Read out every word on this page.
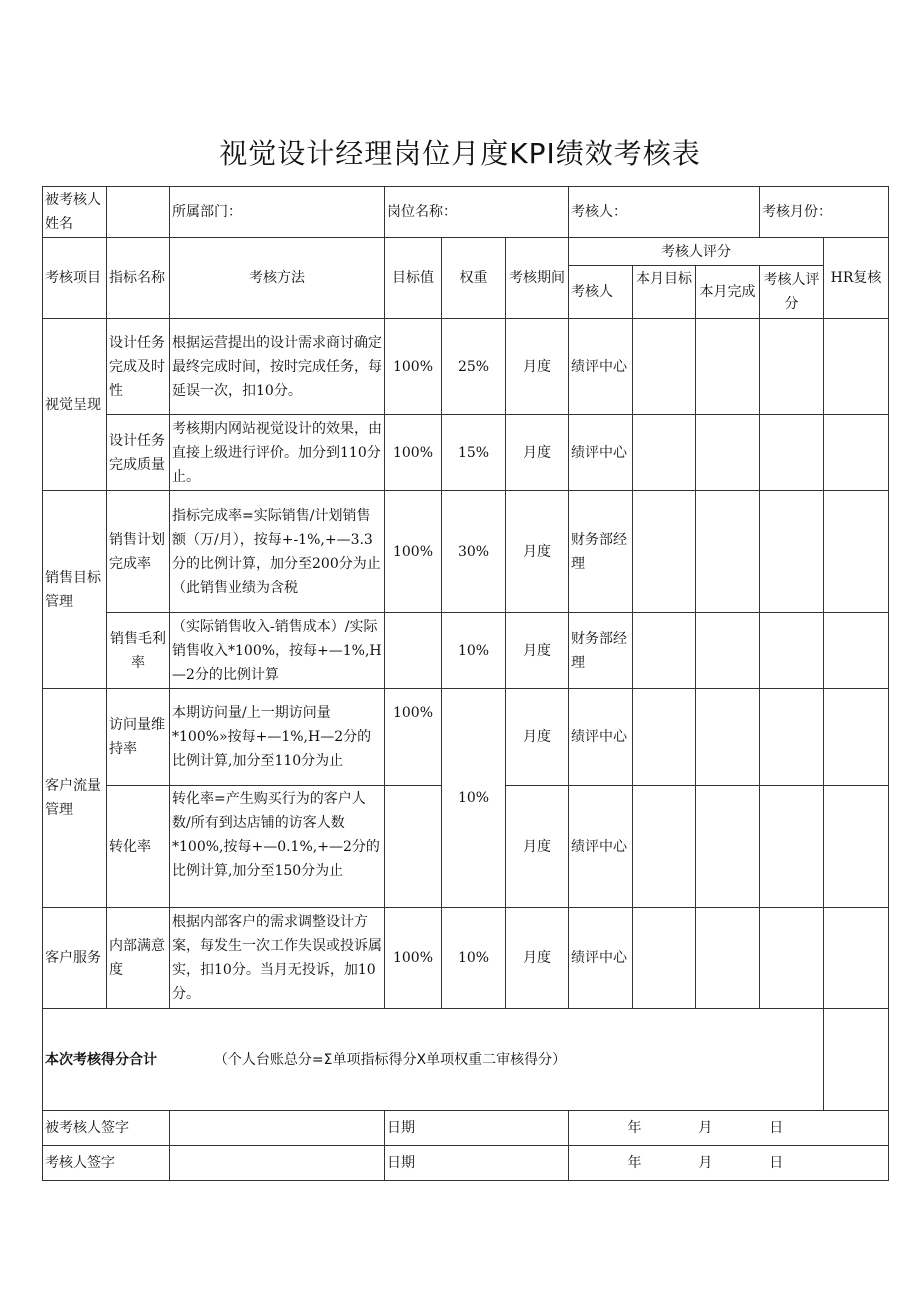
视觉设计经理岗位月度KPI绩效考核表
被考核人姓名		所属部门：	岗位名称：			考核人：			考核月份：	
考核项目	指标名称	考核方法	目标值	权重	考核期间	考核人评分				HR复核
						考核人	本月目标	本月完成	考核人评分	
视觉呈现	设计任务完成及时性	根据运营提出的设计需求商讨确定最终完成时间，按时完成任务，每延误一次，扣10分。	100%	25%	月度	绩评中心				
	设计任务完成质量	考核期内网站视觉设计的效果，由直接上级进行评价。加分到110分止。	100%	15%	月度	绩评中心				
销售目标管理	销售计划完成率	指标完成率=实际销售/计划销售额（万/月），按每+-1%,+—3.3分的比例计算，加分至200分为止（此销售业绩为含税	100%	30%	月度	财务部经理				
	销售毛利率	（实际销售收入-销售成本）/实际销售收入*100%，按每+—1%,H—2分的比例计算		10%	月度	财务部经理				
客户流量管理	访问量维持率	本期访问量/上一期访问量*100%»按每+—1%,H—2分的比例计算,加分至110分为止	100%	10%	月度	绩评中心				
	转化率	转化率=产生购买行为的客户人数/所有到达店铺的访客人数*100%,按每+—0.1%,+—2分的比例计算,加分至150分为止			月度	绩评中心				
客户服务	内部满意度	根据内部客户的需求调整设计方案，每发生一次工作失误或投诉属实，扣10分。当月无投诉，加10分。	100%	10%	月度	绩评中心				
本次考核得分合计 （个人台账总分=Σ单项指标得分X单项权重二审核得分）										
被考核人签字			日期			年 月 日				
考核人签字			日期			年 月 日				
